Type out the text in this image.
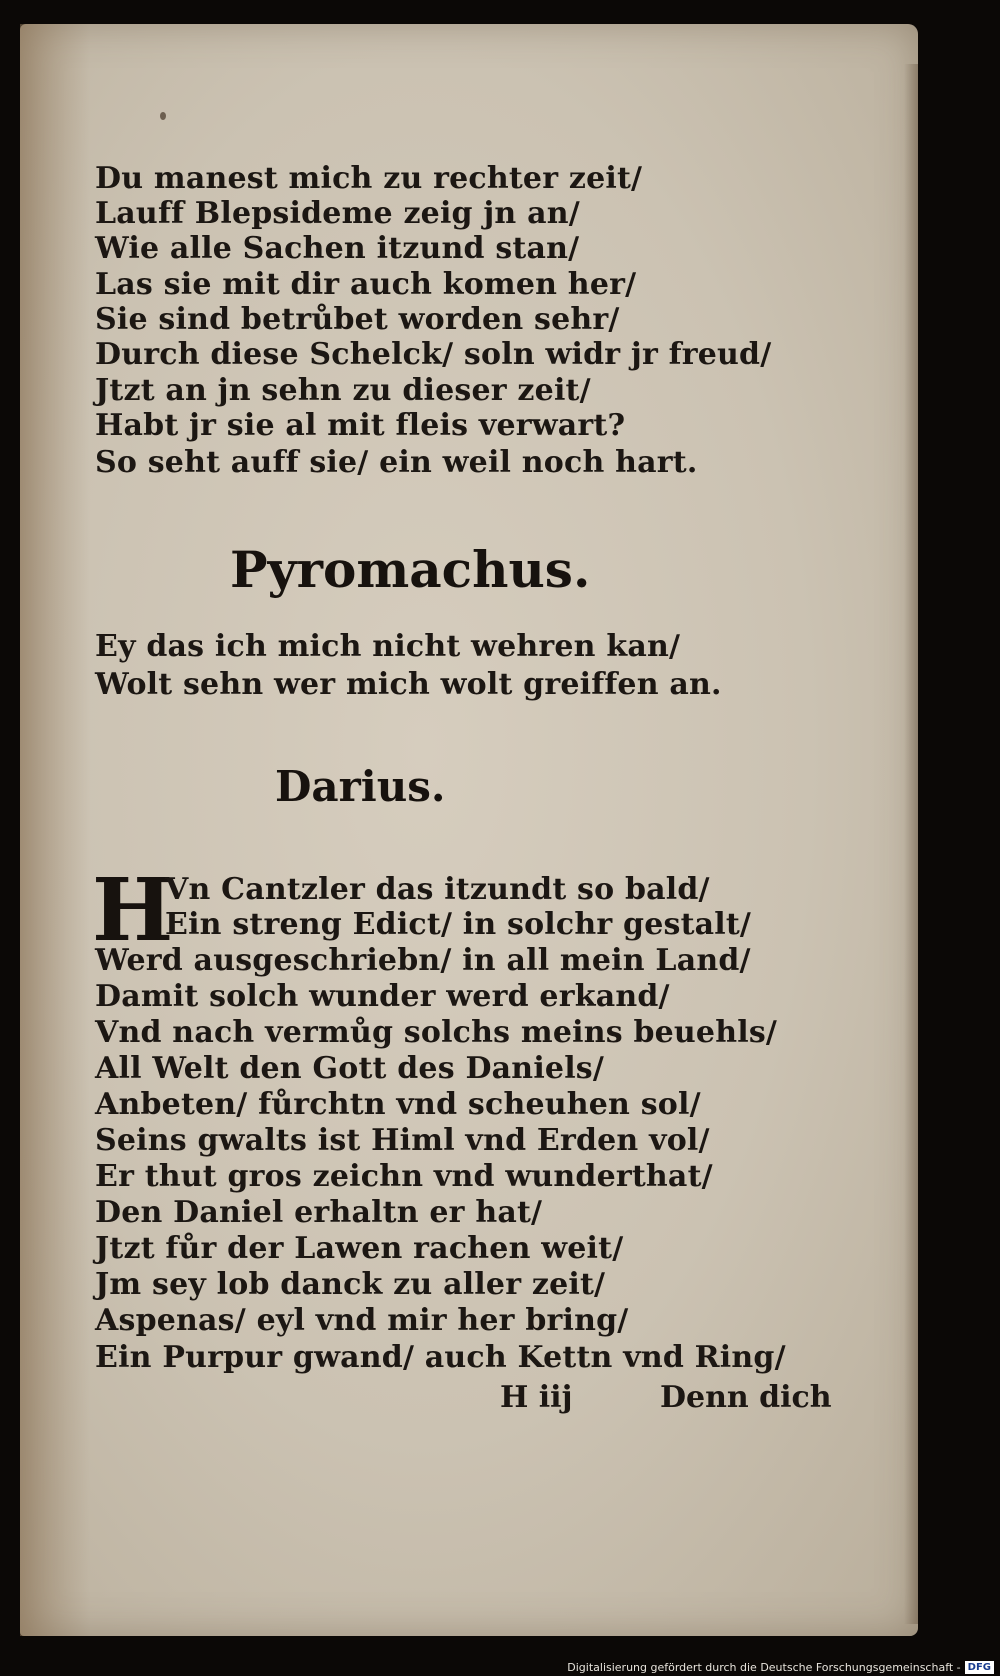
Du manest mich zu rechter zeit/
Lauff Blepsideme zeig jn an/
Wie alle Sachen itzund stan/
Las sie mit dir auch komen her/
Sie sind betrůbet worden sehr/
Durch diese Schelck/ soln widr jr freud/
Jtzt an jn sehn zu dieser zeit/
Habt jr sie al mit fleis verwart?
So seht auff sie/ ein weil noch hart.
Pyromachus.
Ey das ich mich nicht wehren kan/
Wolt sehn wer mich wolt greiffen an.
Darius.
H
Vn Cantzler das itzundt so bald/
Ein streng Edict/ in solchr gestalt/
Werd ausgeschriebn/ in all mein Land/
Damit solch wunder werd erkand/
Vnd nach vermůg solchs meins beuehls/
All Welt den Gott des Daniels/
Anbeten/ fůrchtn vnd scheuhen sol/
Seins gwalts ist Himl vnd Erden vol/
Er thut gros zeichn vnd wunderthat/
Den Daniel erhaltn er hat/
Jtzt fůr der Lawen rachen weit/
Jm sey lob danck zu aller zeit/
Aspenas/ eyl vnd mir her bring/
Ein Purpur gwand/ auch Kettn vnd Ring/
H iij	Denn dich
Digitalisierung gefördert durch die Deutsche Forschungsgemeinschaft - DFG
